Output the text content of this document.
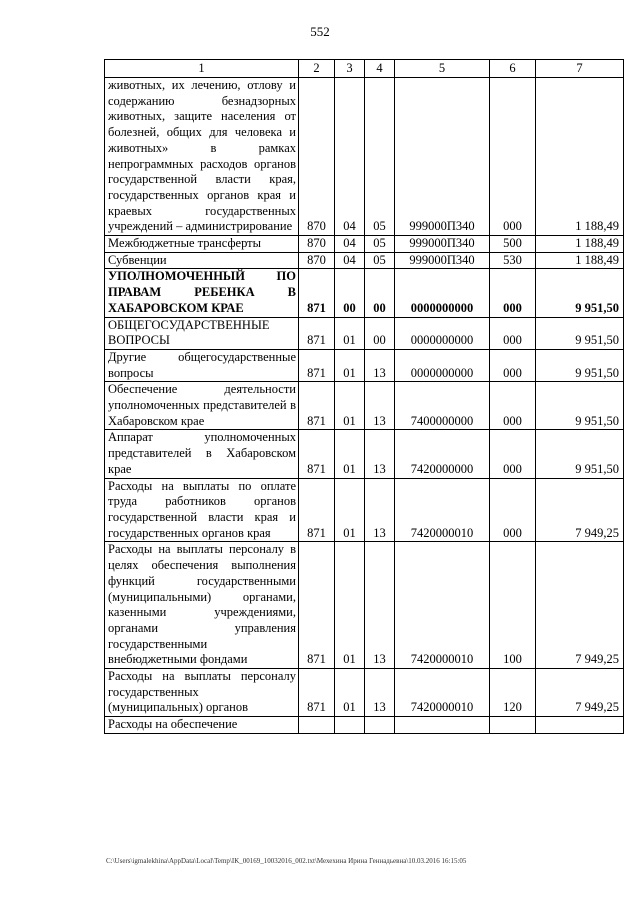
552
1	2	3	4	5	6	7
животных, их лечению, отлову и содержанию безнадзорных животных, защите населения от болезней, общих для человека и животных» в рамках непрограммных расходов органов государственной власти края, государственных органов края и краевых государственных учреждений – администрирование	870	04	05	999000П340	000	1 188,49
Межбюджетные трансферты	870	04	05	999000П340	500	1 188,49
Субвенции	870	04	05	999000П340	530	1 188,49
УПОЛНОМОЧЕННЫЙ ПО ПРАВАМ РЕБЕНКА В ХАБАРОВСКОМ КРАЕ	871	00	00	0000000000	000	9 951,50
ОБЩЕГОСУДАРСТВЕННЫЕ ВОПРОСЫ	871	01	00	0000000000	000	9 951,50
Другие общегосударственные вопросы	871	01	13	0000000000	000	9 951,50
Обеспечение деятельности уполномоченных представителей в Хабаровском крае	871	01	13	7400000000	000	9 951,50
Аппарат уполномоченных представителей в Хабаровском крае	871	01	13	7420000000	000	9 951,50
Расходы на выплаты по оплате труда работников органов государственной власти края и государственных органов края	871	01	13	7420000010	000	7 949,25
Расходы на выплаты персоналу в целях обеспечения выполнения функций государственными (муниципальными) органами, казенными учреждениями, органами управления государственными внебюджетными фондами	871	01	13	7420000010	100	7 949,25
Расходы на выплаты персоналу государственных (муниципальных) органов	871	01	13	7420000010	120	7 949,25
Расходы на обеспечение						
C:\Users\igmalekhina\AppData\Local\Temp\IK_00169_10032016_002.txt\Мехехина Ирина Геннадьевна\10.03.2016 16:15:05
